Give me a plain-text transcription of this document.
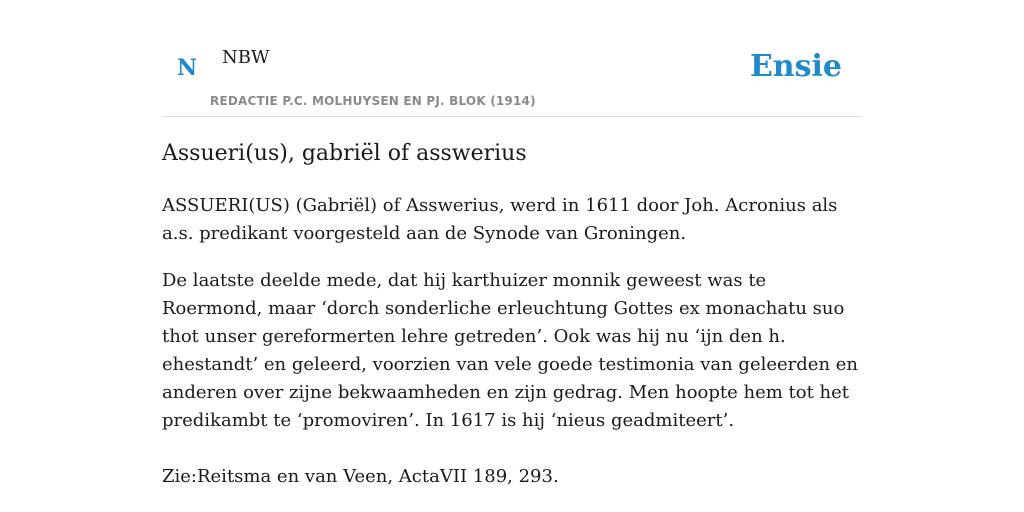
N NBW
REDACTIE P.C. MOLHUYSEN EN PJ. BLOK (1914)
Ensie
Assueri(us), gabriël of asswerius

ASSUERI(US) (Gabriël) of Asswerius, werd in 1611 door Joh. Acronius als a.s. predikant voorgesteld aan de Synode van Groningen.

De laatste deelde mede, dat hij karthuizer monnik geweest was te Roermond, maar ‘dorch sonderliche erleuchtung Gottes ex monachatu suo thot unser gereformerten lehre getreden’. Ook was hij nu ‘ijn den h. ehestandt’ en geleerd, voorzien van vele goede testimonia van geleerden en anderen over zijne bekwaamheden en zijn gedrag. Men hoopte hem tot het predikambt te ‘promoviren’. In 1617 is hij ‘nieus geadmiteert’.

Zie:Reitsma en van Veen, ActaVII 189, 293.
